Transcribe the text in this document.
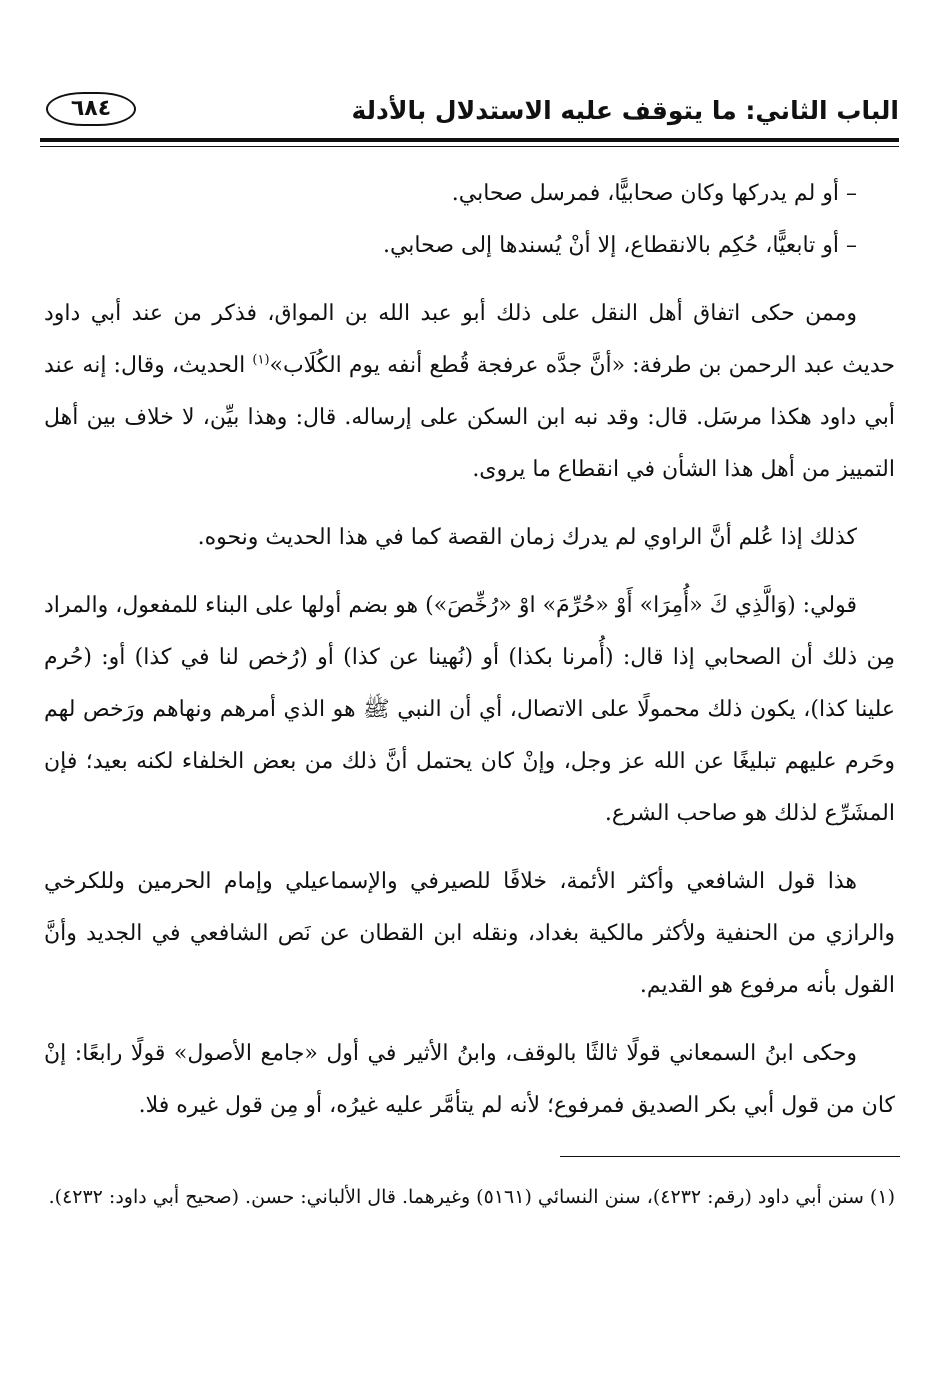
الباب الثاني: ما يتوقف عليه الاستدلال بالأدلة
٦٨٤

– أو لم يدركها وكان صحابيًّا، فمرسل صحابي.

– أو تابعيًّا، حُكِم بالانقطاع، إلا أنْ يُسندها إلى صحابي.

وممن حكى اتفاق أهل النقل على ذلك أبو عبد الله بن المواق، فذكر من عند أبي داود حديث عبد الرحمن بن طرفة: «أنَّ جدَّه عرفجة قُطع أنفه يوم الكُلَاب»$^{(١)}$ الحديث، وقال: إنه عند أبي داود هكذا مرسَل. قال: وقد نبه ابن السكن على إرساله. قال: وهذا بيِّن، لا خلاف بين أهل التمييز من أهل هذا الشأن في انقطاع ما يروى.

كذلك إذا عُلم أنَّ الراوي لم يدرك زمان القصة كما في هذا الحديث ونحوه.

قولي: (وَالَّذِي كَ «أُمِرَا» أَوْ «حُرِّمَ» اوْ «رُخِّصَ») هو بضم أولها على البناء للمفعول، والمراد مِن ذلك أن الصحابي إذا قال: (أُمرنا بكذا) أو (نُهينا عن كذا) أو (رُخص لنا في كذا) أو: (حُرم علينا كذا)، يكون ذلك محمولًا على الاتصال، أي أن النبي ﷺ هو الذي أمرهم ونهاهم ورَخص لهم وحَرم عليهم تبليغًا عن الله عز وجل، وإنْ كان يحتمل أنَّ ذلك من بعض الخلفاء لكنه بعيد؛ فإن المشَرِّع لذلك هو صاحب الشرع.

هذا قول الشافعي وأكثر الأئمة، خلافًا للصيرفي والإسماعيلي وإمام الحرمين وللكرخي والرازي من الحنفية ولأكثر مالكية بغداد، ونقله ابن القطان عن نَص الشافعي في الجديد وأنَّ القول بأنه مرفوع هو القديم.

وحكى ابنُ السمعاني قولًا ثالثًا بالوقف، وابنُ الأثير في أول «جامع الأصول» قولًا رابعًا: إنْ كان من قول أبي بكر الصديق فمرفوع؛ لأنه لم يتأمَّر عليه غيرُه، أو مِن قول غيره فلا.

(١) سنن أبي داود (رقم: ٤٢٣٢)، سنن النسائي (٥١٦١) وغيرهما. قال الألباني: حسن. (صحيح أبي داود: ٤٢٣٢).
